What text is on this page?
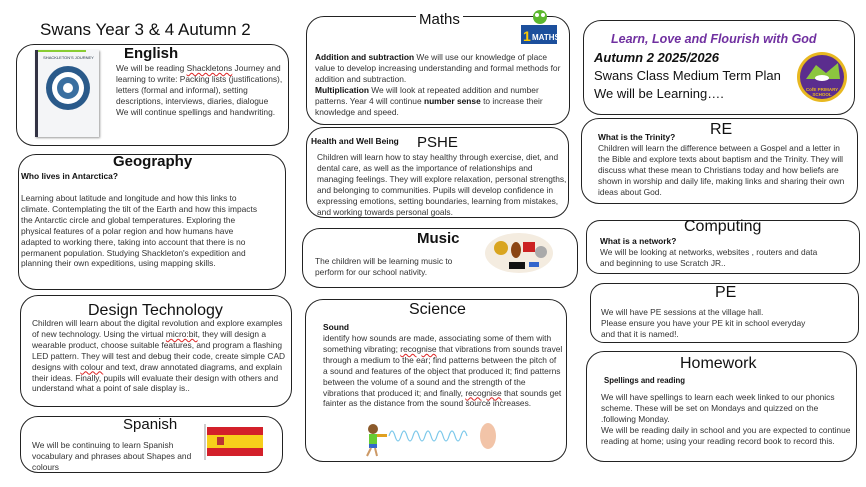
Swans Year 3 & 4 Autumn 2
SHACKLETON'S JOURNEY	English
We will be reading Shackletons Journey and learning to write: Packing lists (justifications), letters (formal and informal), setting descriptions, interviews, diaries, dialogue
We will continue spellings and handwriting.
Geography
Who lives in Antarctica?
Learning about latitude and longitude and how this links to climate. Contemplating the tilt of the Earth and how this impacts the Antarctic circle and global temperatures. Exploring the physical features of a polar region and how humans have adapted to working there, taking into account that there is no permanent population. Studying Shackleton's expedition and planning their own expeditions, using mapping skills.
Maths
1 MATHS
Addition and subtraction We will use our knowledge of place value to develop increasing understanding and formal methods for addition and subtraction.
Multiplication We will look at repeated addition and number patterns. Year 4 will continue number sense to increase their knowledge and speed.
Health and Well Being PSHE
Children will learn how to stay healthy through exercise, diet, and dental care, as well as the importance of relationships and managing feelings. They will explore relaxation, personal strengths, and belonging to communities. Pupils will develop confidence in expressing emotions, setting boundaries, learning from mistakes, and working towards personal goals.
Music
The children will be learning music to perform for our school nativity.
Design Technology
Children will learn about the digital revolution and explore examples of new technology. Using the virtual micro:bit, they will design a wearable product, choose suitable features, and program a flashing LED pattern. They will test and debug their code, create simple CAD designs with colour and text, draw annotated diagrams, and explain their ideas. Finally, pupils will evaluate their design with others and understand what a point of sale display is..
Spanish
We will be continuing to learn Spanish vocabulary and phrases about Shapes and colours
Science
Sound
identify how sounds are made, associating some of them with something vibrating; recognise that vibrations from sounds travel through a medium to the ear; find patterns between the pitch of a sound and features of the object that produced it; find patterns between the volume of a sound and the strength of the vibrations that produced it; and finally, recognise that sounds get fainter as the distance from the sound source increases.
Learn, Love and Flourish with God
Autumn 2 2025/2026
Swans Class Medium Term Plan
We will be Learning….	CofE PRIMARY
SCHOOL
RE
What is the Trinity?
Children will learn the difference between a Gospel and a letter in the Bible and explore texts about baptism and the Trinity. They will discuss what these mean to Christians today and how beliefs are shown in worship and daily life, making links and sharing their own ideas about God.
Computing
What is a network?
We will be looking at networks, websites , routers and data and beginning to use Scratch JR..
PE
We will have PE sessions at the village hall.
Please ensure you have your PE kit in school everyday
and that it is named!.
Homework
Spellings and reading
We will have spellings to learn each week linked to our phonics scheme. These will be set on Mondays and quizzed on the .following Monday.
We will be reading daily in school and you are expected to continue reading at home; using your reading record book to record this.
